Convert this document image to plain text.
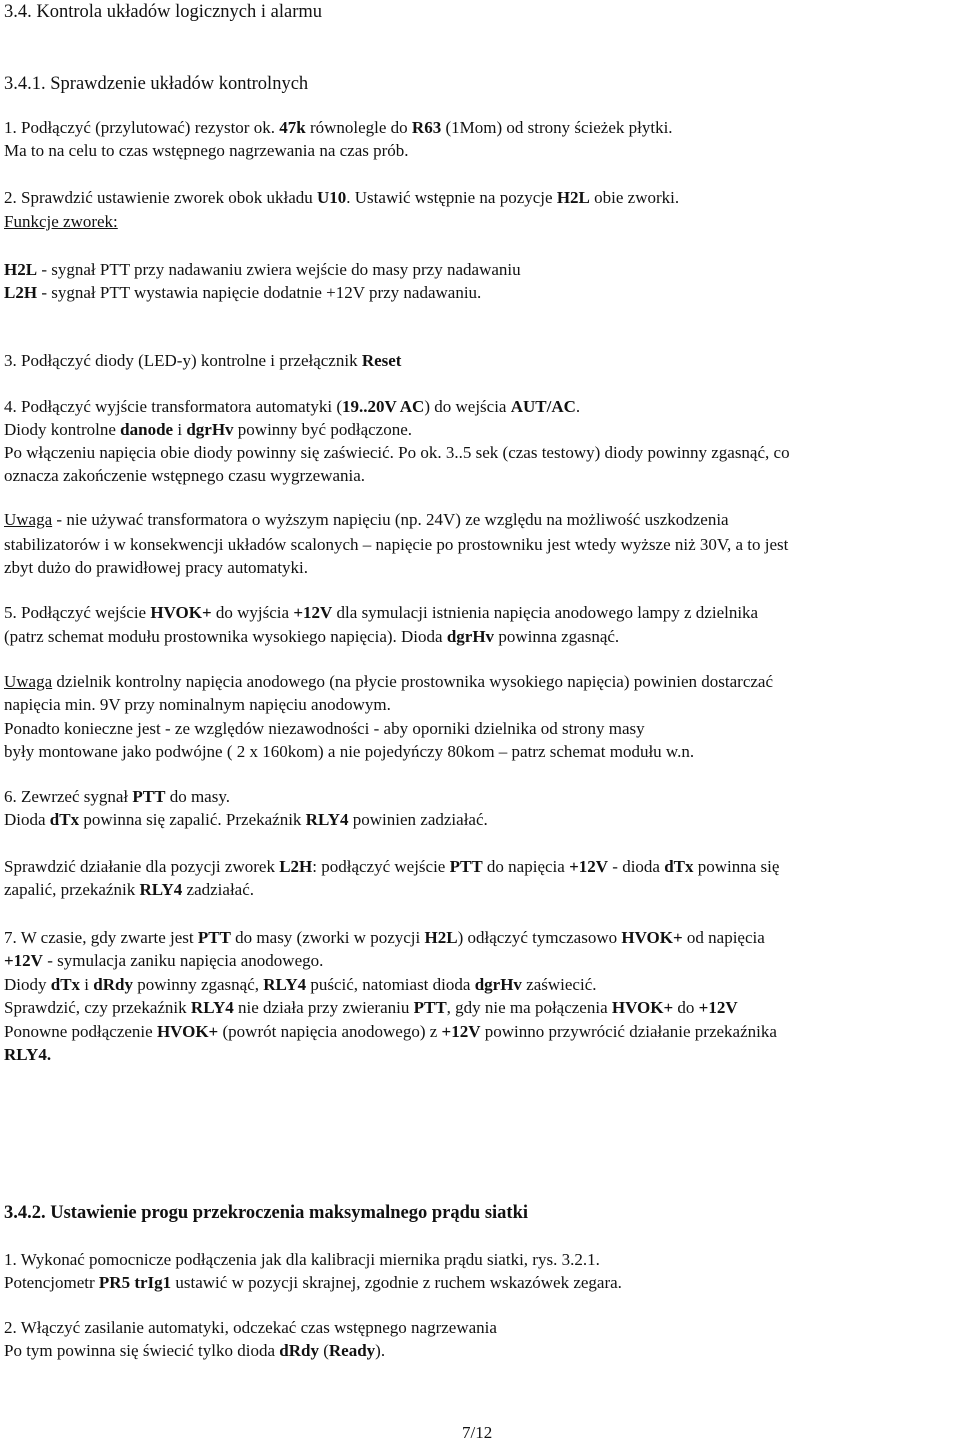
3.4. Kontrola układów logicznych i alarmu
3.4.1. Sprawdzenie układów kontrolnych
1. Podłączyć (przylutować) rezystor ok. 47k równolegle do R63 (1Mom) od strony ścieżek płytki.
Ma to na celu to czas wstępnego nagrzewania na czas prób.
2. Sprawdzić ustawienie zworek obok układu U10. Ustawić wstępnie na pozycje H2L obie zworki.
Funkcje zworek:
H2L - sygnał PTT przy nadawaniu zwiera wejście do masy przy nadawaniu
L2H - sygnał PTT wystawia napięcie dodatnie +12V przy nadawaniu.
3. Podłączyć diody (LED-y) kontrolne i przełącznik Reset
4. Podłączyć wyjście transformatora automatyki (19..20V AC) do wejścia AUT/AC.
Diody kontrolne danode i dgrHv powinny być podłączone.
Po włączeniu napięcia obie diody powinny się zaświecić. Po ok. 3..5 sek (czas testowy) diody powinny zgasnąć, co
oznacza zakończenie wstępnego czasu wygrzewania.
Uwaga - nie używać transformatora o wyższym napięciu (np. 24V) ze względu na możliwość uszkodzenia
stabilizatorów i w konsekwencji układów scalonych – napięcie po prostowniku jest wtedy wyższe niż 30V, a to jest
zbyt dużo do prawidłowej pracy automatyki.
5. Podłączyć wejście HVOK+ do wyjścia +12V dla symulacji istnienia napięcia anodowego lampy z dzielnika
(patrz schemat modułu prostownika wysokiego napięcia). Dioda dgrHv powinna zgasnąć.
Uwaga dzielnik kontrolny napięcia anodowego (na płycie prostownika wysokiego napięcia) powinien dostarczać
napięcia min. 9V przy nominalnym napięciu anodowym.
Ponadto konieczne jest - ze względów niezawodności - aby oporniki dzielnika od strony masy
były montowane jako podwójne ( 2 x 160kom) a nie pojedyńczy 80kom – patrz schemat modułu w.n.
6. Zewrzeć sygnał PTT do masy.
Dioda dTx powinna się zapalić. Przekaźnik RLY4 powinien zadziałać.
Sprawdzić działanie dla pozycji zworek L2H: podłączyć wejście PTT do napięcia +12V - dioda dTx powinna się
zapalić, przekaźnik RLY4 zadziałać.
7. W czasie, gdy zwarte jest PTT do masy (zworki w pozycji H2L) odłączyć tymczasowo HVOK+ od napięcia
+12V - symulacja zaniku napięcia anodowego.
Diody dTx i dRdy powinny zgasnąć, RLY4 puścić, natomiast dioda dgrHv zaświecić.
Sprawdzić, czy przekaźnik RLY4 nie działa przy zwieraniu PTT, gdy nie ma połączenia HVOK+ do +12V
Ponowne podłączenie HVOK+ (powrót napięcia anodowego) z +12V powinno przywrócić działanie przekaźnika
RLY4.
3.4.2. Ustawienie progu przekroczenia maksymalnego prądu siatki
1. Wykonać pomocnicze podłączenia jak dla kalibracji miernika prądu siatki, rys. 3.2.1.
Potencjometr PR5 trIg1 ustawić w pozycji skrajnej, zgodnie z ruchem wskazówek zegara.
2. Włączyć zasilanie automatyki, odczekać czas wstępnego nagrzewania
Po tym powinna się świecić tylko dioda dRdy (Ready).
7/12
